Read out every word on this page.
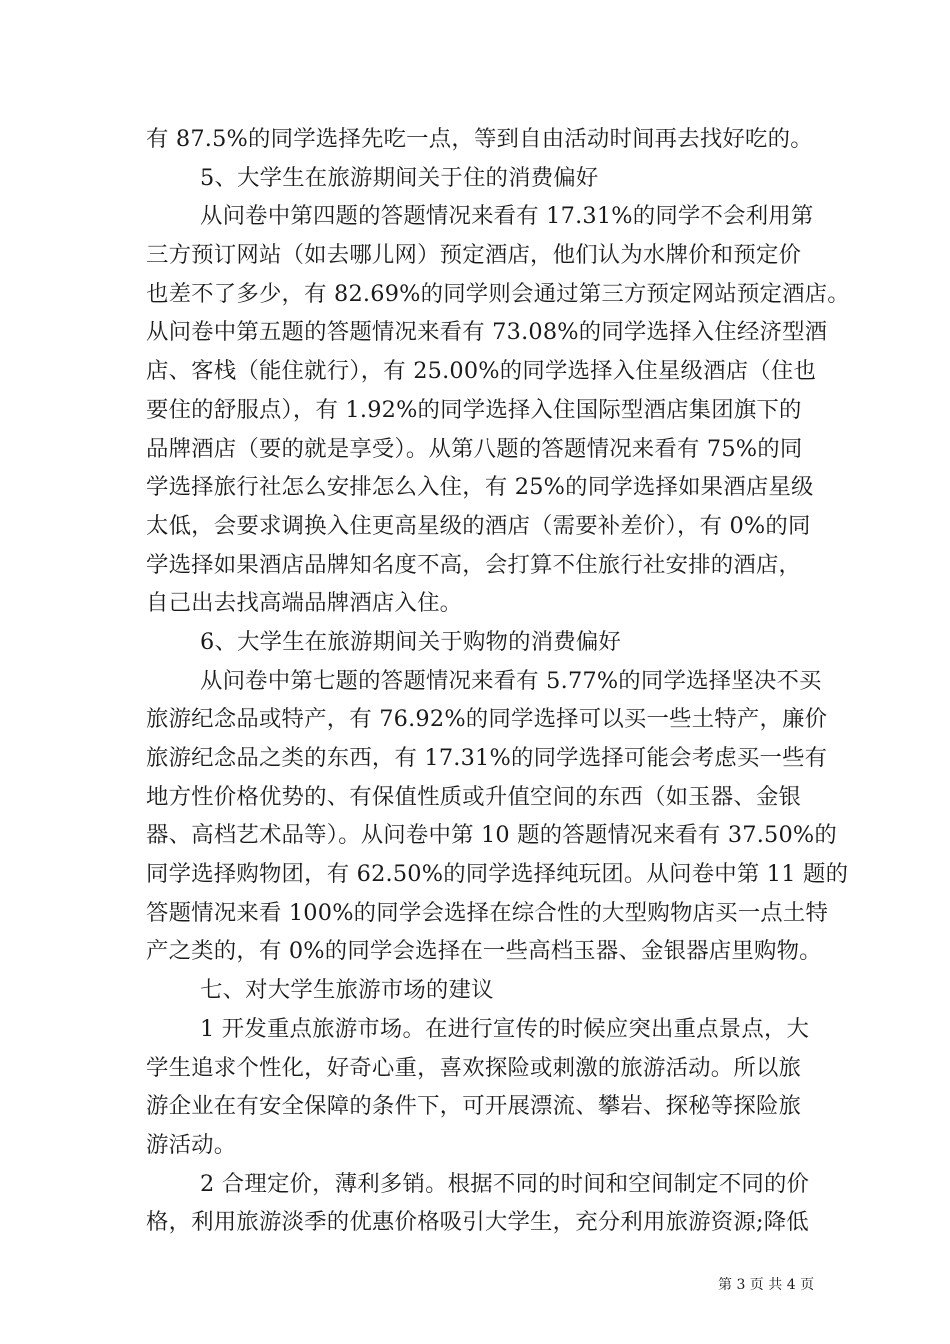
有 87.5%的同学选择先吃一点，等到自由活动时间再去找好吃的。
5、大学生在旅游期间关于住的消费偏好
从问卷中第四题的答题情况来看有 17.31%的同学不会利用第
三方预订网站（如去哪儿网）预定酒店，他们认为水牌价和预定价
也差不了多少，有 82.69%的同学则会通过第三方预定网站预定酒店。
从问卷中第五题的答题情况来看有 73.08%的同学选择入住经济型酒
店、客栈（能住就行），有 25.00%的同学选择入住星级酒店（住也
要住的舒服点），有 1.92%的同学选择入住国际型酒店集团旗下的
品牌酒店（要的就是享受）。从第八题的答题情况来看有 75%的同
学选择旅行社怎么安排怎么入住，有 25%的同学选择如果酒店星级
太低，会要求调换入住更高星级的酒店（需要补差价），有 0%的同
学选择如果酒店品牌知名度不高，会打算不住旅行社安排的酒店，
自己出去找高端品牌酒店入住。
6、大学生在旅游期间关于购物的消费偏好
从问卷中第七题的答题情况来看有 5.77%的同学选择坚决不买
旅游纪念品或特产，有 76.92%的同学选择可以买一些土特产，廉价
旅游纪念品之类的东西，有 17.31%的同学选择可能会考虑买一些有
地方性价格优势的、有保值性质或升值空间的东西（如玉器、金银
器、高档艺术品等）。从问卷中第 10 题的答题情况来看有 37.50%的
同学选择购物团，有 62.50%的同学选择纯玩团。从问卷中第 11 题的
答题情况来看 100%的同学会选择在综合性的大型购物店买一点土特
产之类的，有 0%的同学会选择在一些高档玉器、金银器店里购物。
七、对大学生旅游市场的建议
1 开发重点旅游市场。在进行宣传的时候应突出重点景点，大
学生追求个性化，好奇心重，喜欢探险或刺激的旅游活动。所以旅
游企业在有安全保障的条件下，可开展漂流、攀岩、探秘等探险旅
游活动。
2 合理定价，薄利多销。根据不同的时间和空间制定不同的价
格，利用旅游淡季的优惠价格吸引大学生，充分利用旅游资源;降低
第 3 页 共 4 页
